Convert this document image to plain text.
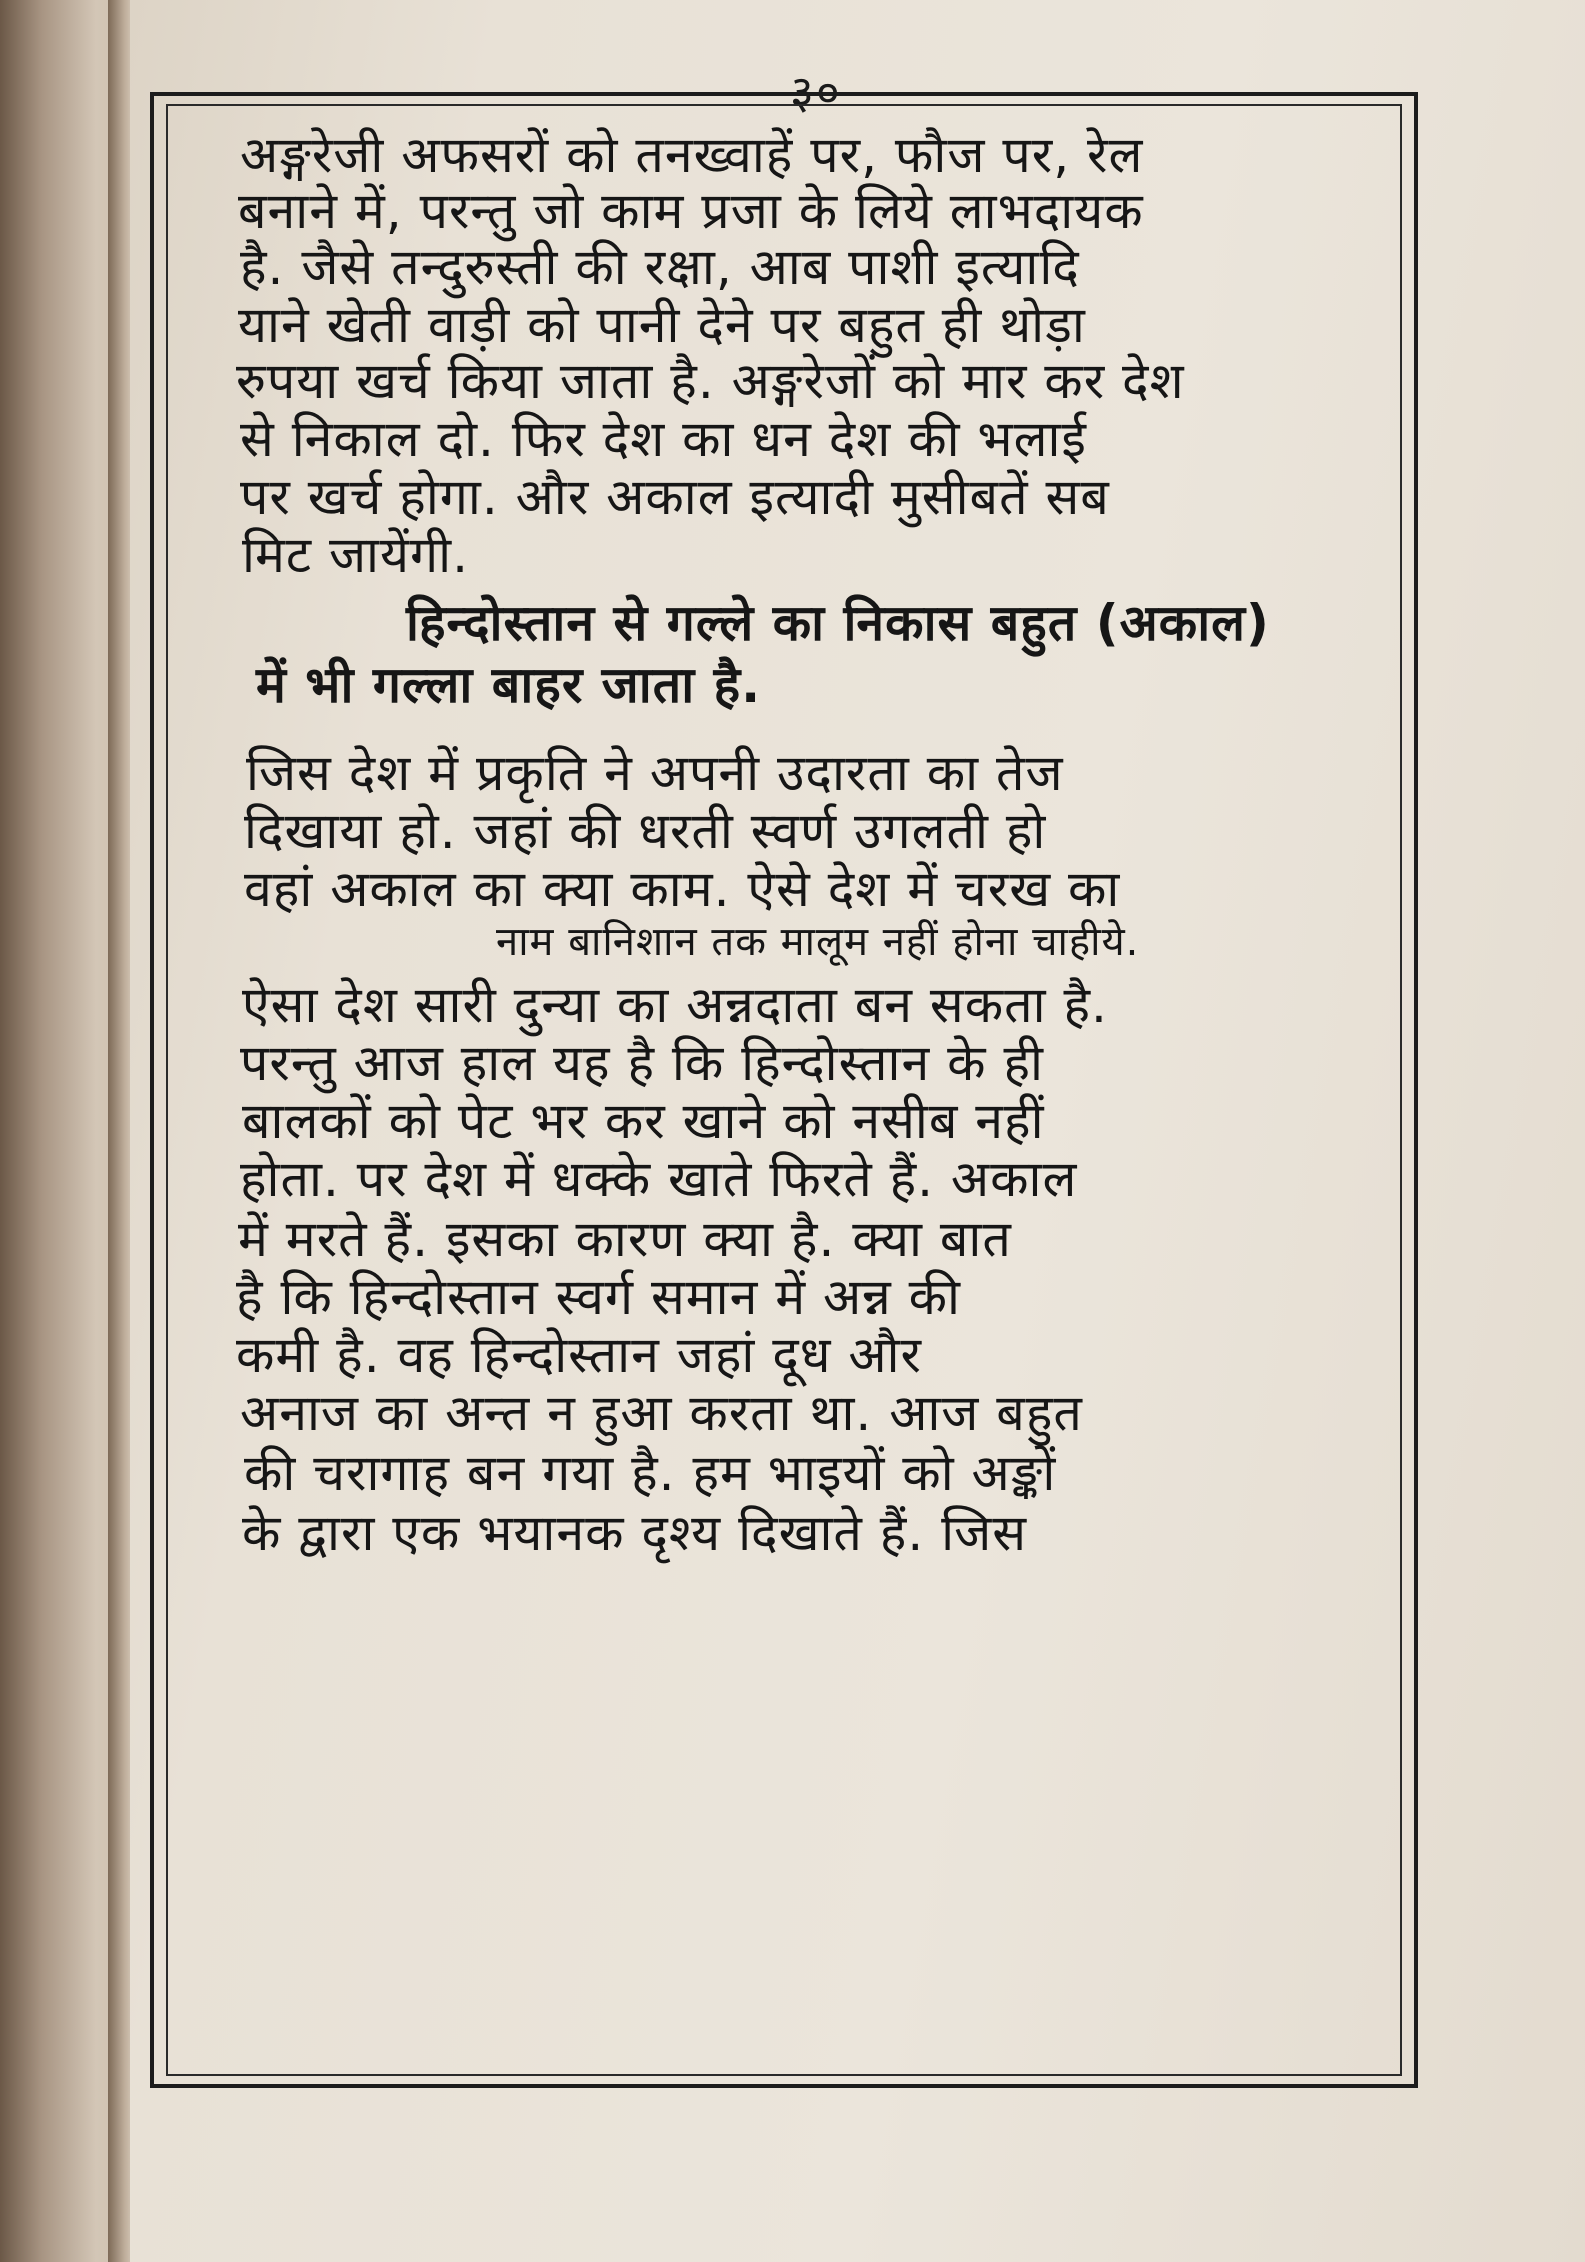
३०
अङ्गरेजी अफसरों को तनख्वाहें पर, फौज पर, रेल
बनाने में, परन्तु जो काम प्रजा के लिये लाभदायक
है. जैसे तन्दुरुस्ती की रक्षा, आब पाशी इत्यादि
याने खेती वाड़ी को पानी देने पर बहुत ही थोड़ा
रुपया खर्च किया जाता है. अङ्गरेजों को मार कर देश
से निकाल दो. फिर देश का धन देश की भलाई
पर खर्च होगा. और अकाल इत्यादी मुसीबतें सब
मिट जायेंगी.
हिन्दोस्तान से गल्ले का निकास बहुत (अकाल)
में भी गल्ला बाहर जाता है.
जिस देश में प्रकृति ने अपनी उदारता का तेज
दिखाया हो. जहां की धरती स्वर्ण उगलती हो
वहां अकाल का क्या काम. ऐसे देश में चरख का
नाम बानिशान तक मालूम नहीं होना चाहीये.
ऐसा देश सारी दुन्या का अन्नदाता बन सकता है.
परन्तु आज हाल यह है कि हिन्दोस्तान के ही
बालकों को पेट भर कर खाने को नसीब नहीं
होता. पर देश में धक्के खाते फिरते हैं. अकाल
में मरते हैं. इसका कारण क्या है. क्या बात
है कि हिन्दोस्तान स्वर्ग समान में अन्न की
कमी है. वह हिन्दोस्तान जहां दूध और
अनाज का अन्त न हुआ करता था. आज बहुत
की चरागाह बन गया है. हम भाइयों को अङ्कों
के द्वारा एक भयानक दृश्य दिखाते हैं. जिस
